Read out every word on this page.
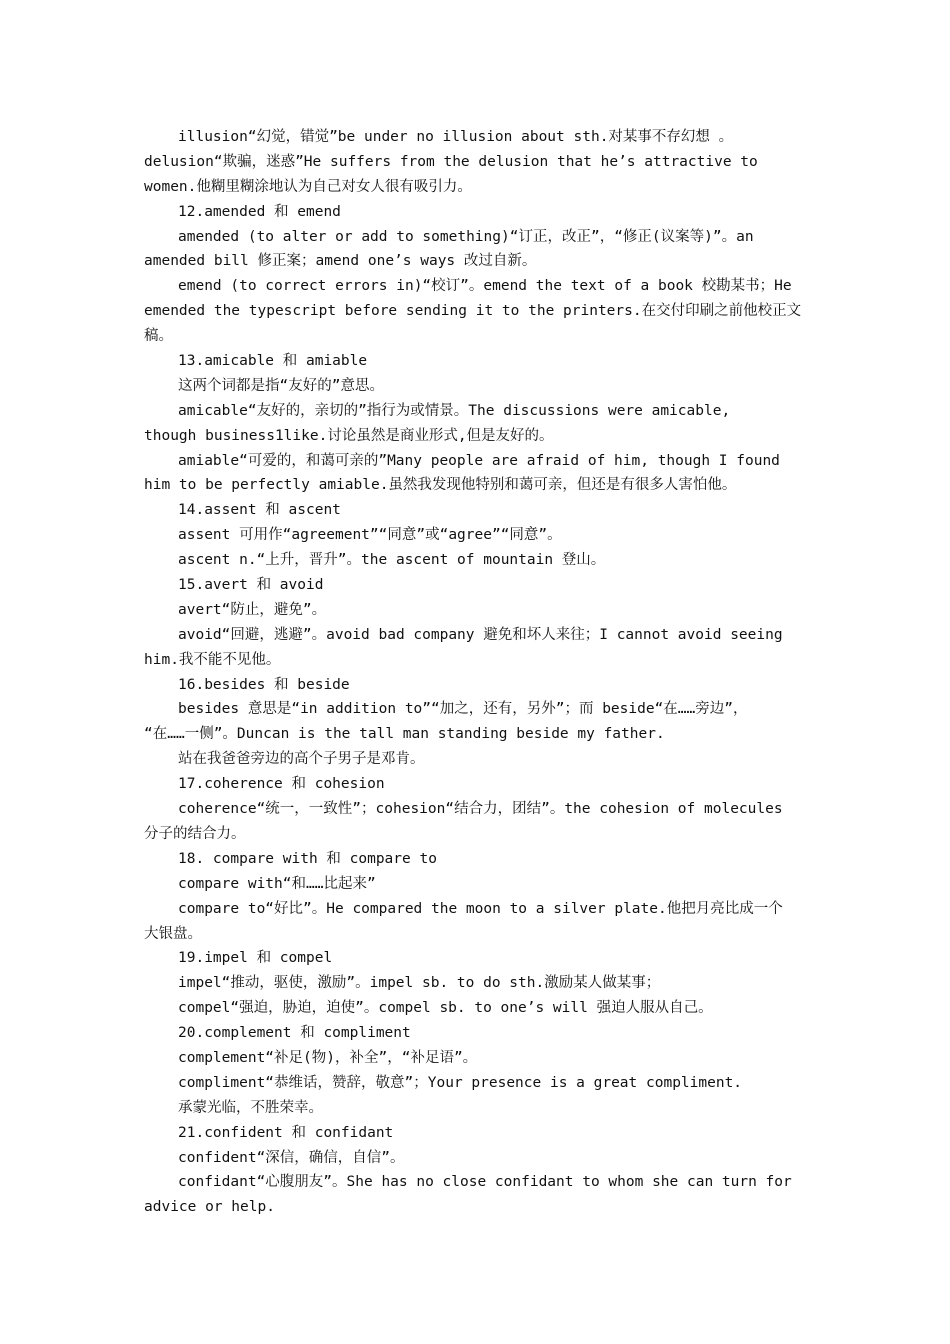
illusion“幻觉，错觉”be under no illusion about sth.对某事不存幻想 。
delusion“欺骗，迷惑”He suffers from the delusion that he’s attractive to
women.他糊里糊涂地认为自己对女人很有吸引力。
12.amended 和 emend
amended (to alter or add to something)“订正，改正”，“修正(议案等)”。an
amended bill 修正案；amend one’s ways 改过自新。
emend (to correct errors in)“校订”。emend the text of a book 校勘某书；He
emended the typescript before sending it to the printers.在交付印刷之前他校正文
稿。
13.amicable 和 amiable
这两个词都是指“友好的”意思。
amicable“友好的，亲切的”指行为或情景。The discussions were amicable,
though business1like.讨论虽然是商业形式,但是友好的。
amiable“可爱的，和蔼可亲的”Many people are afraid of him, though I found
him to be perfectly amiable.虽然我发现他特别和蔼可亲，但还是有很多人害怕他。
14.assent 和 ascent
assent 可用作“agreement”“同意”或“agree”“同意”。
ascent n.“上升，晋升”。the ascent of mountain 登山。
15.avert 和 avoid
avert“防止，避免”。
avoid“回避，逃避”。avoid bad company 避免和坏人来往；I cannot avoid seeing
him.我不能不见他。
16.besides 和 beside
besides 意思是“in addition to”“加之，还有，另外”；而 beside“在……旁边”，
“在……一侧”。Duncan is the tall man standing beside my father.
站在我爸爸旁边的高个子男子是邓肯。
17.coherence 和 cohesion
coherence“统一，一致性”；cohesion“结合力，团结”。the cohesion of molecules
分子的结合力。
18. compare with 和 compare to
compare with“和……比起来”
compare to“好比”。He compared the moon to a silver plate.他把月亮比成一个
大银盘。
19.impel 和 compel
impel“推动，驱使，激励”。impel sb. to do sth.激励某人做某事；
compel“强迫，胁迫，迫使”。compel sb. to one’s will 强迫人服从自己。
20.complement 和 compliment
complement“补足(物)，补全”，“补足语”。
compliment“恭维话，赞辞，敬意”；Your presence is a great compliment.
承蒙光临，不胜荣幸。
21.confident 和 confidant
confident“深信，确信，自信”。
confidant“心腹朋友”。She has no close confidant to whom she can turn for
advice or help.
